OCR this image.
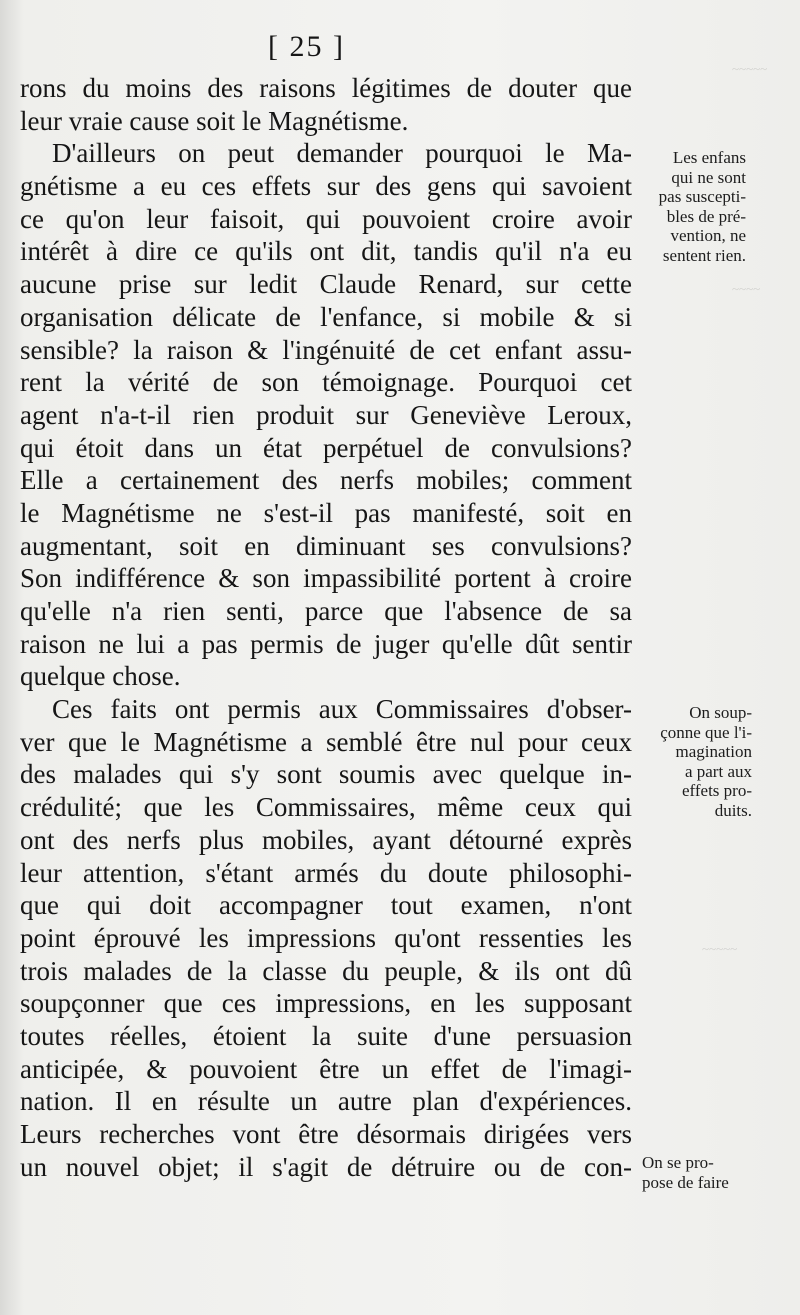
~~~~~
~~~~
~~~~~
[ 25 ]
rons du moins des raisons légitimes de douter que
leur vraie cause soit le Magnétisme.
D'ailleurs on peut demander pourquoi le Ma-
gnétisme a eu ces effets sur des gens qui savoient
ce qu'on leur faisoit, qui pouvoient croire avoir
intérêt à dire ce qu'ils ont dit, tandis qu'il n'a eu
aucune prise sur ledit Claude Renard, sur cette
organisation délicate de l'enfance, si mobile & si
sensible? la raison & l'ingénuité de cet enfant assu-
rent la vérité de son témoignage. Pourquoi cet
agent n'a-t-il rien produit sur Geneviève Leroux,
qui étoit dans un état perpétuel de convulsions?
Elle a certainement des nerfs mobiles; comment
le Magnétisme ne s'est-il pas manifesté, soit en
augmentant, soit en diminuant ses convulsions?
Son indifférence & son impassibilité portent à croire
qu'elle n'a rien senti, parce que l'absence de sa
raison ne lui a pas permis de juger qu'elle dût sentir
quelque chose.
Ces faits ont permis aux Commissaires d'obser-
ver que le Magnétisme a semblé être nul pour ceux
des malades qui s'y sont soumis avec quelque in-
crédulité; que les Commissaires, même ceux qui
ont des nerfs plus mobiles, ayant détourné exprès
leur attention, s'étant armés du doute philosophi-
que qui doit accompagner tout examen, n'ont
point éprouvé les impressions qu'ont ressenties les
trois malades de la classe du peuple, & ils ont dû
soupçonner que ces impressions, en les supposant
toutes réelles, étoient la suite d'une persuasion
anticipée, & pouvoient être un effet de l'imagi-
nation. Il en résulte un autre plan d'expériences.
Leurs recherches vont être désormais dirigées vers
un nouvel objet; il s'agit de détruire ou de con-
Les enfans
qui ne sont
pas suscepti-
bles de pré-
vention, ne
sentent rien.
On soup-
çonne que l'i-
magination
a part aux
effets pro-
duits.
On se pro-
pose de faire
